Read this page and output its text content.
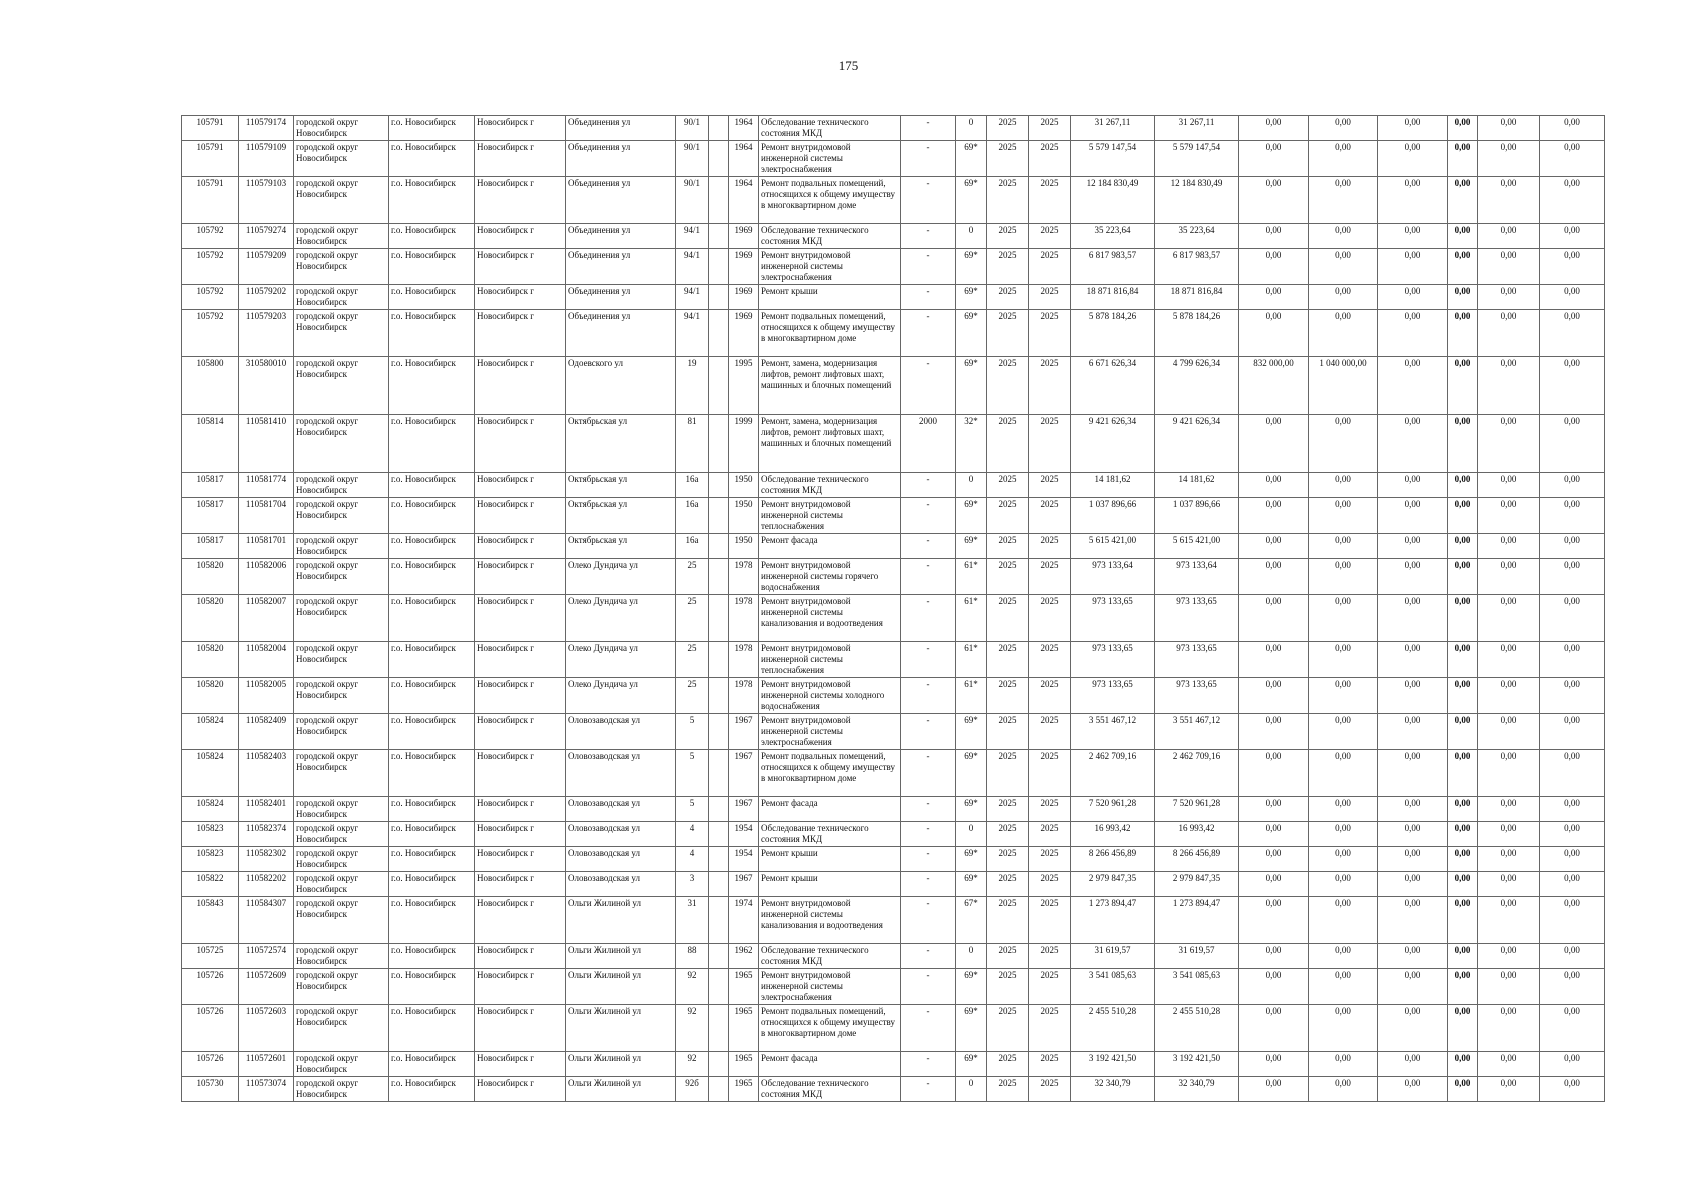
175
105791	110579174	городской округ Новосибирск	г.о. Новосибирск	Новосибирск г	Объединения ул	90/1		1964	Обследование технического состояния МКД	-	0	2025	2025	31 267,11	31 267,11	0,00	0,00	0,00	0,00	0,00	0,00
105791	110579109	городской округ Новосибирск	г.о. Новосибирск	Новосибирск г	Объединения ул	90/1		1964	Ремонт внутридомовой инженерной системы электроснабжения	-	69*	2025	2025	5 579 147,54	5 579 147,54	0,00	0,00	0,00	0,00	0,00	0,00
105791	110579103	городской округ Новосибирск	г.о. Новосибирск	Новосибирск г	Объединения ул	90/1		1964	Ремонт подвальных помещений, относящихся к общему имуществу в многоквартирном доме	-	69*	2025	2025	12 184 830,49	12 184 830,49	0,00	0,00	0,00	0,00	0,00	0,00
105792	110579274	городской округ Новосибирск	г.о. Новосибирск	Новосибирск г	Объединения ул	94/1		1969	Обследование технического состояния МКД	-	0	2025	2025	35 223,64	35 223,64	0,00	0,00	0,00	0,00	0,00	0,00
105792	110579209	городской округ Новосибирск	г.о. Новосибирск	Новосибирск г	Объединения ул	94/1		1969	Ремонт внутридомовой инженерной системы электроснабжения	-	69*	2025	2025	6 817 983,57	6 817 983,57	0,00	0,00	0,00	0,00	0,00	0,00
105792	110579202	городской округ Новосибирск	г.о. Новосибирск	Новосибирск г	Объединения ул	94/1		1969	Ремонт крыши	-	69*	2025	2025	18 871 816,84	18 871 816,84	0,00	0,00	0,00	0,00	0,00	0,00
105792	110579203	городской округ Новосибирск	г.о. Новосибирск	Новосибирск г	Объединения ул	94/1		1969	Ремонт подвальных помещений, относящихся к общему имуществу в многоквартирном доме	-	69*	2025	2025	5 878 184,26	5 878 184,26	0,00	0,00	0,00	0,00	0,00	0,00
105800	310580010	городской округ Новосибирск	г.о. Новосибирск	Новосибирск г	Одоевского ул	19		1995	Ремонт, замена, модернизация лифтов, ремонт лифтовых шахт, машинных и блочных помещений	-	69*	2025	2025	6 671 626,34	4 799 626,34	832 000,00	1 040 000,00	0,00	0,00	0,00	0,00
105814	110581410	городской округ Новосибирск	г.о. Новосибирск	Новосибирск г	Октябрьская ул	81		1999	Ремонт, замена, модернизация лифтов, ремонт лифтовых шахт, машинных и блочных помещений	2000	32*	2025	2025	9 421 626,34	9 421 626,34	0,00	0,00	0,00	0,00	0,00	0,00
105817	110581774	городской округ Новосибирск	г.о. Новосибирск	Новосибирск г	Октябрьская ул	16а		1950	Обследование технического состояния МКД	-	0	2025	2025	14 181,62	14 181,62	0,00	0,00	0,00	0,00	0,00	0,00
105817	110581704	городской округ Новосибирск	г.о. Новосибирск	Новосибирск г	Октябрьская ул	16а		1950	Ремонт внутридомовой инженерной системы теплоснабжения	-	69*	2025	2025	1 037 896,66	1 037 896,66	0,00	0,00	0,00	0,00	0,00	0,00
105817	110581701	городской округ Новосибирск	г.о. Новосибирск	Новосибирск г	Октябрьская ул	16а		1950	Ремонт фасада	-	69*	2025	2025	5 615 421,00	5 615 421,00	0,00	0,00	0,00	0,00	0,00	0,00
105820	110582006	городской округ Новосибирск	г.о. Новосибирск	Новосибирск г	Олеко Дундича ул	25		1978	Ремонт внутридомовой инженерной системы горячего водоснабжения	-	61*	2025	2025	973 133,64	973 133,64	0,00	0,00	0,00	0,00	0,00	0,00
105820	110582007	городской округ Новосибирск	г.о. Новосибирск	Новосибирск г	Олеко Дундича ул	25		1978	Ремонт внутридомовой инженерной системы канализования и водоотведения	-	61*	2025	2025	973 133,65	973 133,65	0,00	0,00	0,00	0,00	0,00	0,00
105820	110582004	городской округ Новосибирск	г.о. Новосибирск	Новосибирск г	Олеко Дундича ул	25		1978	Ремонт внутридомовой инженерной системы теплоснабжения	-	61*	2025	2025	973 133,65	973 133,65	0,00	0,00	0,00	0,00	0,00	0,00
105820	110582005	городской округ Новосибирск	г.о. Новосибирск	Новосибирск г	Олеко Дундича ул	25		1978	Ремонт внутридомовой инженерной системы холодного водоснабжения	-	61*	2025	2025	973 133,65	973 133,65	0,00	0,00	0,00	0,00	0,00	0,00
105824	110582409	городской округ Новосибирск	г.о. Новосибирск	Новосибирск г	Оловозаводская ул	5		1967	Ремонт внутридомовой инженерной системы электроснабжения	-	69*	2025	2025	3 551 467,12	3 551 467,12	0,00	0,00	0,00	0,00	0,00	0,00
105824	110582403	городской округ Новосибирск	г.о. Новосибирск	Новосибирск г	Оловозаводская ул	5		1967	Ремонт подвальных помещений, относящихся к общему имуществу в многоквартирном доме	-	69*	2025	2025	2 462 709,16	2 462 709,16	0,00	0,00	0,00	0,00	0,00	0,00
105824	110582401	городской округ Новосибирск	г.о. Новосибирск	Новосибирск г	Оловозаводская ул	5		1967	Ремонт фасада	-	69*	2025	2025	7 520 961,28	7 520 961,28	0,00	0,00	0,00	0,00	0,00	0,00
105823	110582374	городской округ Новосибирск	г.о. Новосибирск	Новосибирск г	Оловозаводская ул	4		1954	Обследование технического состояния МКД	-	0	2025	2025	16 993,42	16 993,42	0,00	0,00	0,00	0,00	0,00	0,00
105823	110582302	городской округ Новосибирск	г.о. Новосибирск	Новосибирск г	Оловозаводская ул	4		1954	Ремонт крыши	-	69*	2025	2025	8 266 456,89	8 266 456,89	0,00	0,00	0,00	0,00	0,00	0,00
105822	110582202	городской округ Новосибирск	г.о. Новосибирск	Новосибирск г	Оловозаводская ул	3		1967	Ремонт крыши	-	69*	2025	2025	2 979 847,35	2 979 847,35	0,00	0,00	0,00	0,00	0,00	0,00
105843	110584307	городской округ Новосибирск	г.о. Новосибирск	Новосибирск г	Ольги Жилиной ул	31		1974	Ремонт внутридомовой инженерной системы канализования и водоотведения	-	67*	2025	2025	1 273 894,47	1 273 894,47	0,00	0,00	0,00	0,00	0,00	0,00
105725	110572574	городской округ Новосибирск	г.о. Новосибирск	Новосибирск г	Ольги Жилиной ул	88		1962	Обследование технического состояния МКД	-	0	2025	2025	31 619,57	31 619,57	0,00	0,00	0,00	0,00	0,00	0,00
105726	110572609	городской округ Новосибирск	г.о. Новосибирск	Новосибирск г	Ольги Жилиной ул	92		1965	Ремонт внутридомовой инженерной системы электроснабжения	-	69*	2025	2025	3 541 085,63	3 541 085,63	0,00	0,00	0,00	0,00	0,00	0,00
105726	110572603	городской округ Новосибирск	г.о. Новосибирск	Новосибирск г	Ольги Жилиной ул	92		1965	Ремонт подвальных помещений, относящихся к общему имуществу в многоквартирном доме	-	69*	2025	2025	2 455 510,28	2 455 510,28	0,00	0,00	0,00	0,00	0,00	0,00
105726	110572601	городской округ Новосибирск	г.о. Новосибирск	Новосибирск г	Ольги Жилиной ул	92		1965	Ремонт фасада	-	69*	2025	2025	3 192 421,50	3 192 421,50	0,00	0,00	0,00	0,00	0,00	0,00
105730	110573074	городской округ Новосибирск	г.о. Новосибирск	Новосибирск г	Ольги Жилиной ул	92б		1965	Обследование технического состояния МКД	-	0	2025	2025	32 340,79	32 340,79	0,00	0,00	0,00	0,00	0,00	0,00
